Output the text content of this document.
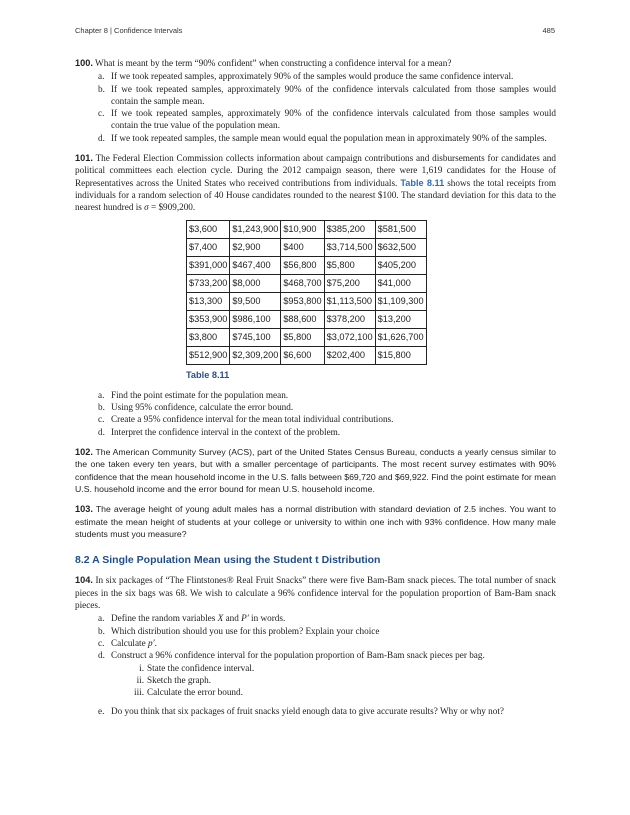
Chapter 8 | Confidence Intervals	485

100. What is meant by the term “90% confident” when constructing a confidence interval for a mean?

a. If we took repeated samples, approximately 90% of the samples would produce the same confidence interval.
b. If we took repeated samples, approximately 90% of the confidence intervals calculated from those samples would contain the sample mean.
c. If we took repeated samples, approximately 90% of the confidence intervals calculated from those samples would contain the true value of the population mean.
d. If we took repeated samples, the sample mean would equal the population mean in approximately 90% of the samples.

101. The Federal Election Commission collects information about campaign contributions and disbursements for candidates and political committees each election cycle. During the 2012 campaign season, there were 1,619 candidates for the House of Representatives across the United States who received contributions from individuals. Table 8.11 shows the total receipts from individuals for a random selection of 40 House candidates rounded to the nearest $100. The standard deviation for this data to the nearest hundred is σ = $909,200.

$3,600	$1,243,900	$10,900	$385,200	$581,500
$7,400	$2,900	$400	$3,714,500	$632,500
$391,000	$467,400	$56,800	$5,800	$405,200
$733,200	$8,000	$468,700	$75,200	$41,000
$13,300	$9,500	$953,800	$1,113,500	$1,109,300
$353,900	$986,100	$88,600	$378,200	$13,200
$3,800	$745,100	$5,800	$3,072,100	$1,626,700
$512,900	$2,309,200	$6,600	$202,400	$15,800
Table 8.11
a. Find the point estimate for the population mean.
b. Using 95% confidence, calculate the error bound.
c. Create a 95% confidence interval for the mean total individual contributions.
d. Interpret the confidence interval in the context of the problem.

102. The American Community Survey (ACS), part of the United States Census Bureau, conducts a yearly census similar to the one taken every ten years, but with a smaller percentage of participants. The most recent survey estimates with 90% confidence that the mean household income in the U.S. falls between $69,720 and $69,922. Find the point estimate for mean U.S. household income and the error bound for mean U.S. household income.

103. The average height of young adult males has a normal distribution with standard deviation of 2.5 inches. You want to estimate the mean height of students at your college or university to within one inch with 93% confidence. How many male students must you measure?

8.2 A Single Population Mean using the Student t Distribution

104. In six packages of “The Flintstones® Real Fruit Snacks” there were five Bam-Bam snack pieces. The total number of snack pieces in the six bags was 68. We wish to calculate a 96% confidence interval for the population proportion of Bam-Bam snack pieces.

a. Define the random variables X and P′ in words.
b. Which distribution should you use for this problem? Explain your choice
c. Calculate p′.
d. Construct a 96% confidence interval for the population proportion of Bam-Bam snack pieces per bag.
i. State the confidence interval.
ii. Sketch the graph.
iii. Calculate the error bound.
e. Do you think that six packages of fruit snacks yield enough data to give accurate results? Why or why not?
